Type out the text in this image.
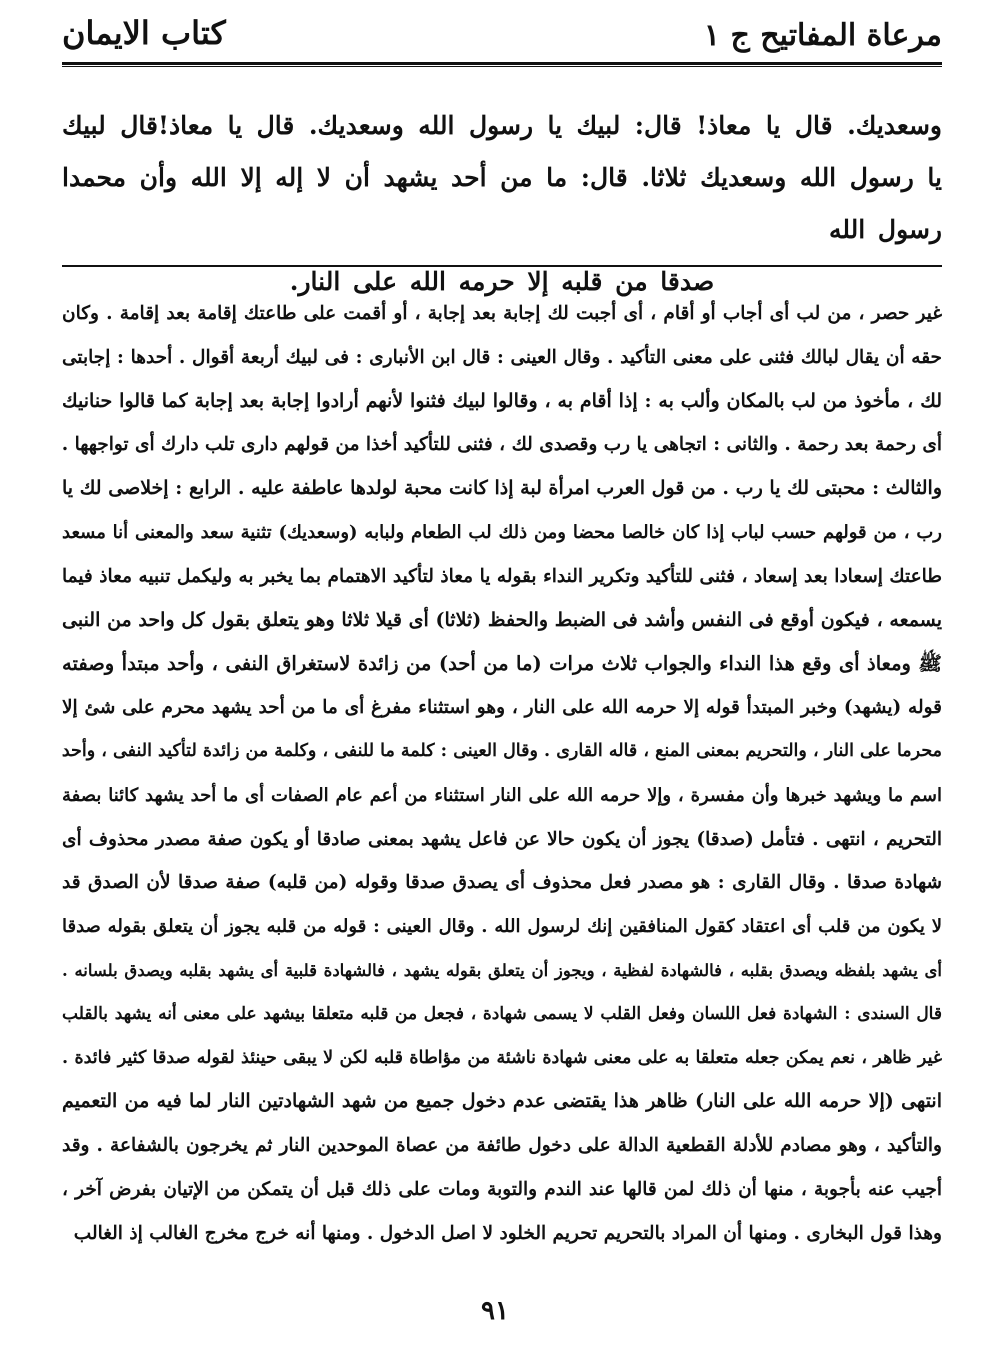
مرعاة المفاتيح ج ١
كتاب الايمان
وسعديك. قال يا معاذ! قال: لبيك يا رسول الله وسعديك. قال يا معاذ!قال لبيك يا رسول الله وسعديك ثلاثا. قال: ما من أحد يشهد أن لا إله إلا الله وأن محمدا رسول الله
صدقا من قلبه إلا حرمه الله على النار.
غير حصر ، من لب أى أجاب أو أقام ، أى أجبت لك إجابة بعد إجابة ، أو أقمت على طاعتك إقامة بعد إقامة . وكان
حقه أن يقال لبالك فثنى على معنى التأكيد . وقال العينى : قال ابن الأنبارى : فى لبيك أربعة أقوال . أحدها : إجابتى
لك ، مأخوذ من لب بالمكان وألب به : إذا أقام به ، وقالوا لبيك فثنوا لأنهم أرادوا إجابة بعد إجابة كما قالوا حنانيك
أى رحمة بعد رحمة . والثانى : اتجاهى يا رب وقصدى لك ، فثنى للتأكيد أخذا من قولهم دارى تلب دارك أى تواجهها .
والثالث : محبتى لك يا رب . من قول العرب امرأة لبة إذا كانت محبة لولدها عاطفة عليه . الرابع : إخلاصى لك يا
رب ، من قولهم حسب لباب إذا كان خالصا محضا ومن ذلك لب الطعام ولبابه (وسعديك) تثنية سعد والمعنى أنا مسعد
طاعتك إسعادا بعد إسعاد ، فثنى للتأكيد وتكرير النداء بقوله يا معاذ لتأكيد الاهتمام بما يخبر به وليكمل تنبيه معاذ فيما
يسمعه ، فيكون أوقع فى النفس وأشد فى الضبط والحفظ (ثلاثا) أى قيلا ثلاثا وهو يتعلق بقول كل واحد من النبى
ﷺ ومعاذ أى وقع هذا النداء والجواب ثلاث مرات (ما من أحد) من زائدة لاستغراق النفى ، وأحد مبتدأ وصفته
قوله (يشهد) وخبر المبتدأ قوله إلا حرمه الله على النار ، وهو استثناء مفرغ أى ما من أحد يشهد محرم على شئ إلا
محرما على النار ، والتحريم بمعنى المنع ، قاله القارى . وقال العينى : كلمة ما للنفى ، وكلمة من زائدة لتأكيد النفى ، وأحد
اسم ما ويشهد خبرها وأن مفسرة ، وإلا حرمه الله على النار استثناء من أعم عام الصفات أى ما أحد يشهد كائنا بصفة
التحريم ، انتهى . فتأمل (صدقا) يجوز أن يكون حالا عن فاعل يشهد بمعنى صادقا أو يكون صفة مصدر محذوف أى
شهادة صدقا . وقال القارى : هو مصدر فعل محذوف أى يصدق صدقا وقوله (من قلبه) صفة صدقا لأن الصدق قد
لا يكون من قلب أى اعتقاد كقول المنافقين إنك لرسول الله . وقال العينى : قوله من قلبه يجوز أن يتعلق بقوله صدقا
أى يشهد بلفظه ويصدق بقلبه ، فالشهادة لفظية ، ويجوز أن يتعلق بقوله يشهد ، فالشهادة قلبية أى يشهد بقلبه ويصدق بلسانه .
قال السندى : الشهادة فعل اللسان وفعل القلب لا يسمى شهادة ، فجعل من قلبه متعلقا بيشهد على معنى أنه يشهد بالقلب
غير ظاهر ، نعم يمكن جعله متعلقا به على معنى شهادة ناشئة من مؤاطاة قلبه لكن لا يبقى حينئذ لقوله صدقا كثير فائدة .
انتهى (إلا حرمه الله على النار) ظاهر هذا يقتضى عدم دخول جميع من شهد الشهادتين النار لما فيه من التعميم
والتأكيد ، وهو مصادم للأدلة القطعية الدالة على دخول طائفة من عصاة الموحدين النار ثم يخرجون بالشفاعة . وقد
أجيب عنه بأجوبة ، منها أن ذلك لمن قالها عند الندم والتوبة ومات على ذلك قبل أن يتمكن من الإتيان بفرض آخر ،
وهذا قول البخارى . ومنها أن المراد بالتحريم تحريم الخلود لا اصل الدخول . ومنها أنه خرج مخرج الغالب إذ الغالب
٩١
